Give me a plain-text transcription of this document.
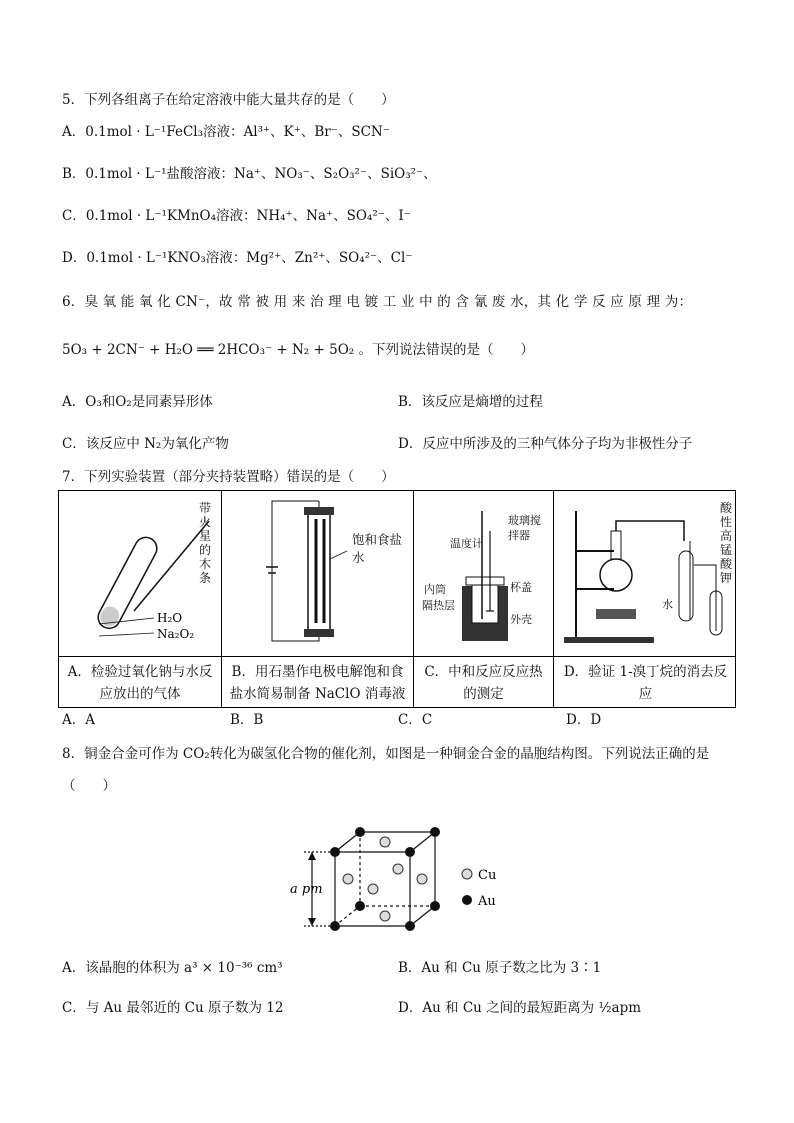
5．下列各组离子在给定溶液中能大量共存的是（　　）
A．0.1mol · L⁻¹FeCl₃溶液：Al³⁺、K⁺、Br⁻、SCN⁻
B．0.1mol · L⁻¹盐酸溶液：Na⁺、NO₃⁻、S₂O₃²⁻、SiO₃²⁻、
C．0.1mol · L⁻¹KMnO₄溶液：NH₄⁺、Na⁺、SO₄²⁻、I⁻
D．0.1mol · L⁻¹KNO₃溶液：Mg²⁺、Zn²⁺、SO₄²⁻、Cl⁻
6．臭 氧 能 氧 化 CN⁻，故 常 被 用 来 治 理 电 镀 工 业 中 的 含 氰 废 水，其 化 学 反 应 原 理 为：
5O₃ + 2CN⁻ + H₂O ══ 2HCO₃⁻ + N₂ + 5O₂ 。下列说法错误的是（　　）
A．O₃和O₂是同素异形体	B．该反应是熵增的过程
C．该反应中 N₂为氧化产物	D．反应中所涉及的三种气体分子均为非极性分子
7．下列实验装置（部分夹持装置略）错误的是（　　）
H₂O
Na₂O₂
带火星的木条
A．检验过氧化钠与水反应放出的气体
饱和食盐水
B．用石墨作电极电解饱和食盐水简易制备 NaClO 消毒液
温度计
玻璃搅拌器
杯盖
内筒
隔热层
外壳
C．中和反应反应热的测定
水
酸性高锰酸钾
D．验证 1-溴丁烷的消去反应
A．A	B．B	C．C	D．D
8．铜金合金可作为 CO₂转化为碳氢化合物的催化剂，如图是一种铜金合金的晶胞结构图。下列说法正确的是
（　　）
Cu
Au
a pm
A．该晶胞的体积为 a³ × 10⁻³⁶ cm³	B．Au 和 Cu 原子数之比为 3∶1
C．与 Au 最邻近的 Cu 原子数为 12	D．Au 和 Cu 之间的最短距离为 ½apm
